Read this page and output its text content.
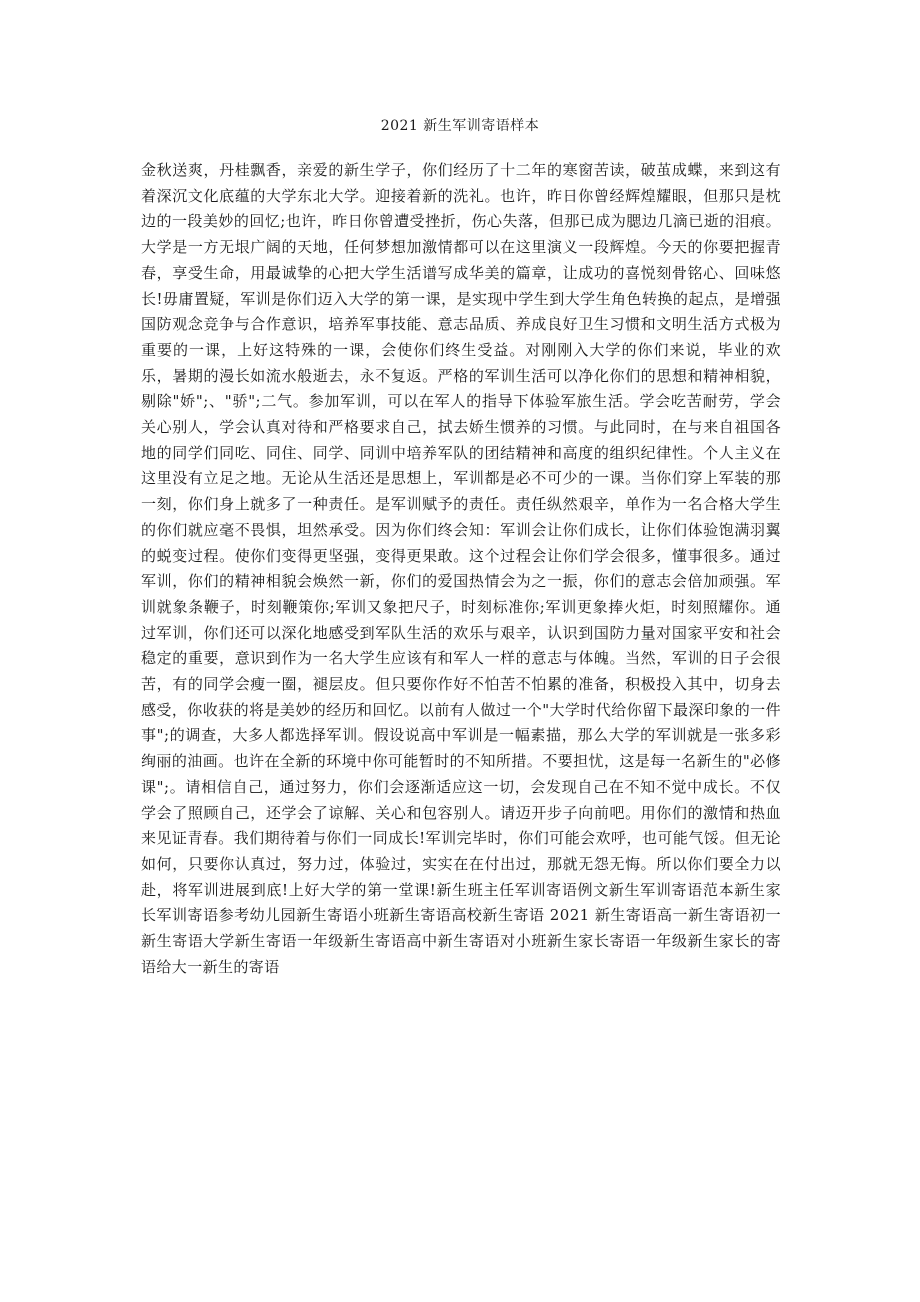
2021 新生军训寄语样本
金秋送爽，丹桂飘香，亲爱的新生学子，你们经历了十二年的寒窗苦读，破茧成蝶，来到这有着深沉文化底蕴的大学东北大学。迎接着新的洗礼。也许，昨日你曾经辉煌耀眼，但那只是枕边的一段美妙的回忆;也许，昨日你曾遭受挫折，伤心失落，但那已成为腮边几滴已逝的泪痕。大学是一方无垠广阔的天地，任何梦想加激情都可以在这里演义一段辉煌。今天的你要把握青春，享受生命，用最诚挚的心把大学生活谱写成华美的篇章，让成功的喜悦刻骨铭心、回味悠长!毋庸置疑，军训是你们迈入大学的第一课，是实现中学生到大学生角色转换的起点，是增强国防观念竞争与合作意识，培养军事技能、意志品质、养成良好卫生习惯和文明生活方式极为重要的一课，上好这特殊的一课，会使你们终生受益。对刚刚入大学的你们来说，毕业的欢乐，暑期的漫长如流水般逝去，永不复返。严格的军训生活可以净化你们的思想和精神相貌，剔除"娇";、"骄";二气。参加军训，可以在军人的指导下体验军旅生活。学会吃苦耐劳，学会关心别人，学会认真对待和严格要求自己，拭去娇生惯养的习惯。与此同时，在与来自祖国各地的同学们同吃、同住、同学、同训中培养军队的团结精神和高度的组织纪律性。个人主义在这里没有立足之地。无论从生活还是思想上，军训都是必不可少的一课。当你们穿上军装的那一刻，你们身上就多了一种责任。是军训赋予的责任。责任纵然艰辛，单作为一名合格大学生的你们就应毫不畏惧，坦然承受。因为你们终会知：军训会让你们成长，让你们体验饱满羽翼的蜕变过程。使你们变得更坚强，变得更果敢。这个过程会让你们学会很多，懂事很多。通过军训，你们的精神相貌会焕然一新，你们的爱国热情会为之一振，你们的意志会倍加顽强。军训就象条鞭子，时刻鞭策你;军训又象把尺子，时刻标准你;军训更象捧火炬，时刻照耀你。通过军训，你们还可以深化地感受到军队生活的欢乐与艰辛，认识到国防力量对国家平安和社会稳定的重要，意识到作为一名大学生应该有和军人一样的意志与体魄。当然，军训的日子会很苦，有的同学会瘦一圈，褪层皮。但只要你作好不怕苦不怕累的准备，积极投入其中，切身去感受，你收获的将是美妙的经历和回忆。以前有人做过一个"大学时代给你留下最深印象的一件事";的调查，大多人都选择军训。假设说高中军训是一幅素描，那么大学的军训就是一张多彩绚丽的油画。也许在全新的环境中你可能暂时的不知所措。不要担忧，这是每一名新生的"必修课";。请相信自己，通过努力，你们会逐渐适应这一切，会发现自己在不知不觉中成长。不仅学会了照顾自己，还学会了谅解、关心和包容别人。请迈开步子向前吧。用你们的激情和热血来见证青春。我们期待着与你们一同成长!军训完毕时，你们可能会欢呼，也可能气馁。但无论如何，只要你认真过，努力过，体验过，实实在在付出过，那就无怨无悔。所以你们要全力以赴，将军训进展到底!上好大学的第一堂课!新生班主任军训寄语例文新生军训寄语范本新生家长军训寄语参考幼儿园新生寄语小班新生寄语高校新生寄语 2021 新生寄语高一新生寄语初一新生寄语大学新生寄语一年级新生寄语高中新生寄语对小班新生家长寄语一年级新生家长的寄语给大一新生的寄语
